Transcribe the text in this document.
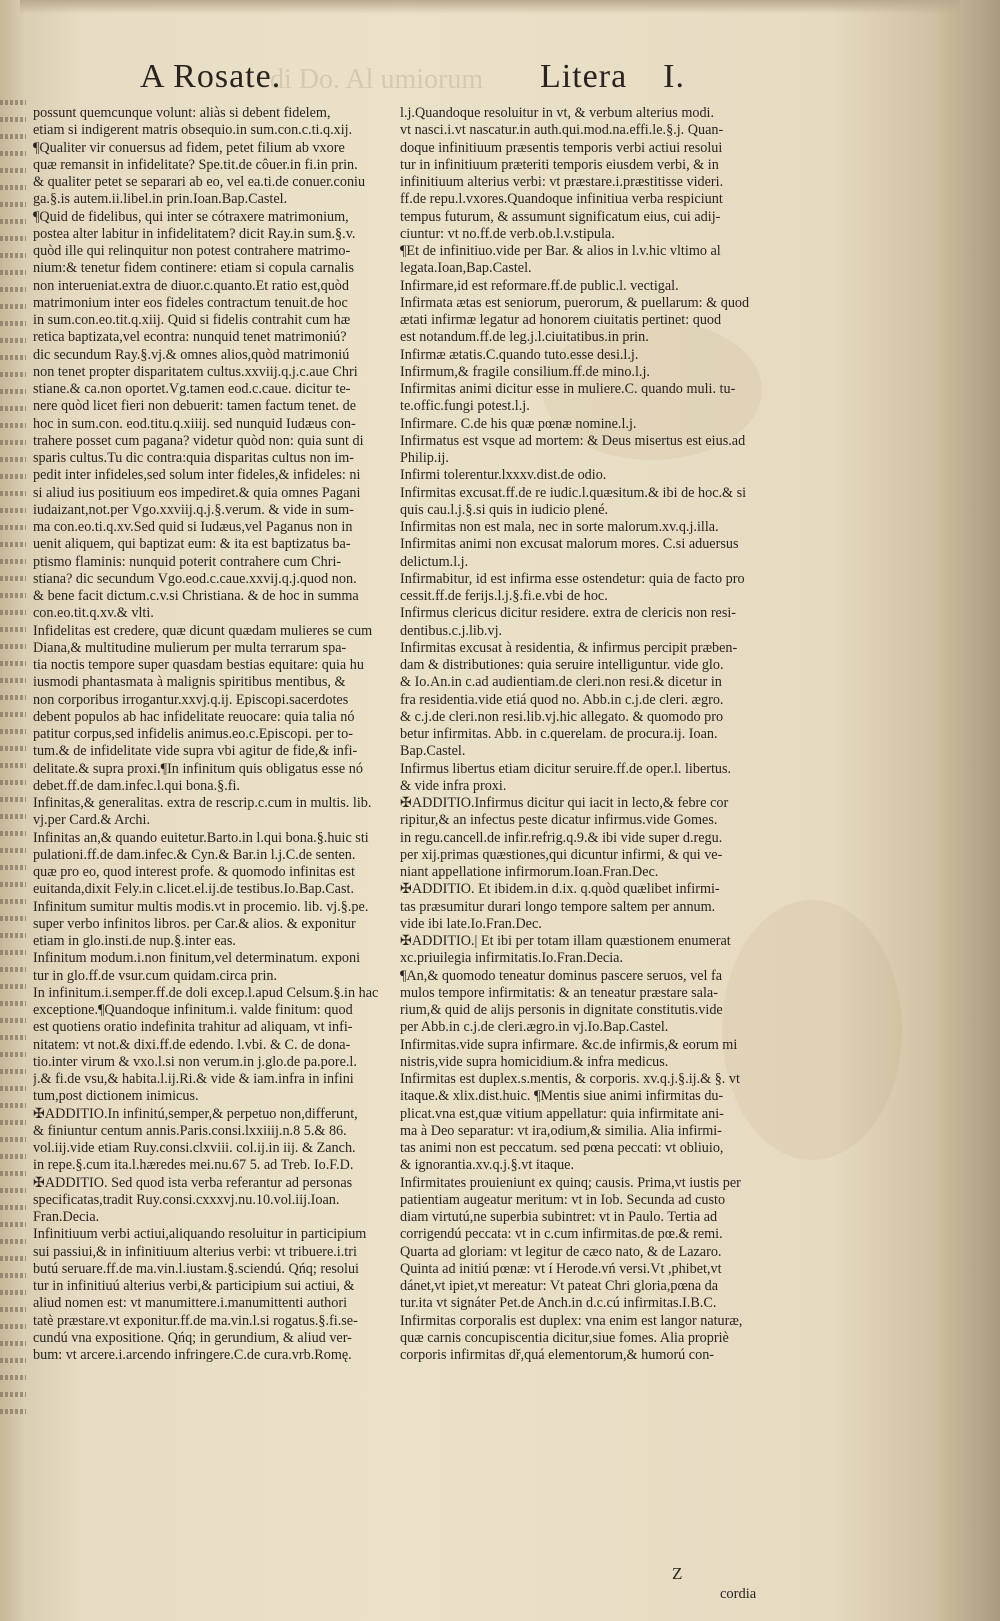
di Do. Al umiorum
A Rosate.	Litera I.
possunt quemcunque volunt: aliàs si debent fidelem,
etiam si indigerent matris obsequio.in sum.con.c.ti.q.xij.
¶Qualiter vir conuersus ad fidem, petet filium ab vxore
quæ remansit in infidelitate? Spe.tit.de côuer.in fi.in prin.
& qualiter petet se separari ab eo, vel ea.ti.de conuer.coniu
ga.§.is autem.ii.libel.in prin.Ioan.Bap.Castel.
¶Quid de fidelibus, qui inter se cótraxere matrimonium,
postea alter labitur in infidelitatem? dicit Ray.in sum.§.v.
quòd ille qui relinquitur non potest contrahere matrimo-
nium:& tenetur fidem continere: etiam si copula carnalis
non interueniat.extra de diuor.c.quanto.Et ratio est,quòd
matrimonium inter eos fideles contractum tenuit.de hoc
in sum.con.eo.tit.q.xiij. Quid si fidelis contrahit cum hæ
retica baptizata,vel econtra: nunquid tenet matrimoniú?
dic secundum Ray.§.vj.& omnes alios,quòd matrimoniú
non tenet propter disparitatem cultus.xxviij.q.j.c.aue Chri
stiane.& ca.non oportet.Vg.tamen eod.c.caue. dicitur te-
nere quòd licet fieri non debuerit: tamen factum tenet. de
hoc in sum.con. eod.titu.q.xiiij. sed nunquid Iudæus con-
trahere posset cum pagana? videtur quòd non: quia sunt di
sparis cultus.Tu dic contra:quia disparitas cultus non im-
pedit inter infideles,sed solum inter fideles,& infideles: ni
si aliud ius positiuum eos impediret.& quia omnes Pagani
iudaizant,not.per Vgo.xxviij.q.j.§.verum. & vide in sum-
ma con.eo.ti.q.xv.Sed quid si Iudæus,vel Paganus non in
uenit aliquem, qui baptizat eum: & ita est baptizatus ba-
ptismo flaminis: nunquid poterit contrahere cum Chri-
stiana? dic secundum Vgo.eod.c.caue.xxvij.q.j.quod non.
& bene facit dictum.c.v.si Christiana. & de hoc in summa
con.eo.tit.q.xv.& vlti.
Infidelitas est credere, quæ dicunt quædam mulieres se cum
Diana,& multitudine mulierum per multa terrarum spa-
tia noctis tempore super quasdam bestias equitare: quia hu
iusmodi phantasmata à malignis spiritibus mentibus, &
non corporibus irrogantur.xxvj.q.ij. Episcopi.sacerdotes
debent populos ab hac infidelitate reuocare: quia talia nó
patitur corpus,sed infidelis animus.eo.c.Episcopi. per to-
tum.& de infidelitate vide supra vbi agitur de fide,& infi-
delitate.& supra proxi.¶In infinitum quis obligatus esse nó
debet.ff.de dam.infec.l.qui bona.§.fi.
Infinitas,& generalitas. extra de rescrip.c.cum in multis. lib.
vj.per Card.& Archi.
Infinitas an,& quando euitetur.Barto.in l.qui bona.§.huic sti
pulationi.ff.de dam.infec.& Cyn.& Bar.in l.j.C.de senten.
quæ pro eo, quod interest profe. & quomodo infinitas est
euitanda,dixit Fely.in c.licet.el.ij.de testibus.Io.Bap.Cast.
Infinitum sumitur multis modis.vt in procemio. lib. vj.§.pe.
super verbo infinitos libros. per Car.& alios. & exponitur
etiam in glo.insti.de nup.§.inter eas.
Infinitum modum.i.non finitum,vel determinatum. exponi
tur in glo.ff.de vsur.cum quidam.circa prin.
In infinitum.i.semper.ff.de doli excep.l.apud Celsum.§.in hac
exceptione.¶Quandoque infinitum.i. valde finitum: quod
est quotiens oratio indefinita trahitur ad aliquam, vt infi-
nitatem: vt not.& dixi.ff.de edendo. l.vbi. & C. de dona-
tio.inter virum & vxo.l.si non verum.in j.glo.de pa.pore.l.
j.& fi.de vsu,& habita.l.ij.Ri.& vide & iam.infra in infini
tum,post dictionem inimicus.
✠ADDITIO.In infinitú,semper,& perpetuo non,differunt,
& finiuntur centum annis.Paris.consi.lxxiiij.n.8 5.& 86.
vol.iij.vide etiam Ruy.consi.clxviii. col.ij.in iij. & Zanch.
in repe.§.cum ita.l.hæredes mei.nu.67 5. ad Treb. Io.F.D.
✠ADDITIO. Sed quod ista verba referantur ad personas
specificatas,tradit Ruy.consi.cxxxvj.nu.10.vol.iij.Ioan.
Fran.Decia.
Infinitiuum verbi actiui,aliquando resoluitur in participium
sui passiui,& in infinitiuum alterius verbi: vt tribuere.i.tri
butú seruare.ff.de ma.vin.l.iustam.§.sciendú. Qńq; resolui
tur in infinitiuú alterius verbi,& participium sui actiui, &
aliud nomen est: vt manumittere.i.manumittenti authori
tatè præstare.vt exponitur.ff.de ma.vin.l.si rogatus.§.fi.se-
cundú vna expositione. Qńq; in gerundium, & aliud ver-
bum: vt arcere.i.arcendo infringere.C.de cura.vrb.Romę.
l.j.Quandoque resoluitur in vt, & verbum alterius modi.
vt nasci.i.vt nascatur.in auth.qui.mod.na.effi.le.§.j. Quan-
doque infinitiuum præsentis temporis verbi actiui resolui
tur in infinitiuum præteriti temporis eiusdem verbi, & in
infinitiuum alterius verbi: vt præstare.i.præstitisse videri.
ff.de repu.l.vxores.Quandoque infinitiua verba respiciunt
tempus futurum, & assumunt significatum eius, cui adij-
ciuntur: vt no.ff.de verb.ob.l.v.stipula.
¶Et de infinitiuo.vide per Bar. & alios in l.v.hic vltimo al
legata.Ioan,Bap.Castel.
Infirmare,id est reformare.ff.de public.l. vectigal.
Infirmata ætas est seniorum, puerorum, & puellarum: & quod
ætati infirmæ legatur ad honorem ciuitatis pertinet: quod
est notandum.ff.de leg.j.l.ciuitatibus.in prin.
Infirmæ ætatis.C.quando tuto.esse desi.l.j.
Infirmum,& fragile consilium.ff.de mino.l.j.
Infirmitas animi dicitur esse in muliere.C. quando muli. tu-
te.offic.fungi potest.l.j.
Infirmare. C.de his quæ pœnæ nomine.l.j.
Infirmatus est vsque ad mortem: & Deus misertus est eius.ad
Philip.ij.
Infirmi tolerentur.lxxxv.dist.de odio.
Infirmitas excusat.ff.de re iudic.l.quæsitum.& ibi de hoc.& si
quis cau.l.j.§.si quis in iudicio plené.
Infirmitas non est mala, nec in sorte malorum.xv.q.j.illa.
Infirmitas animi non excusat malorum mores. C.si aduersus
delictum.l.j.
Infirmabitur, id est infirma esse ostendetur: quia de facto pro
cessit.ff.de ferijs.l.j.§.fi.e.vbi de hoc.
Infirmus clericus dicitur residere. extra de clericis non resi-
dentibus.c.j.lib.vj.
Infirmitas excusat à residentia, & infirmus percipit præben-
dam & distributiones: quia seruire intelliguntur. vide glo.
& Io.An.in c.ad audientiam.de cleri.non resi.& dicetur in
fra residentia.vide etiá quod no. Abb.in c.j.de cleri. ægro.
& c.j.de cleri.non resi.lib.vj.hic allegato. & quomodo pro
betur infirmitas. Abb. in c.querelam. de procura.ij. Ioan.
Bap.Castel.
Infirmus libertus etiam dicitur seruire.ff.de oper.l. libertus.
& vide infra proxi.
✠ADDITIO.Infirmus dicitur qui iacit in lecto,& febre cor
ripitur,& an infectus peste dicatur infirmus.vide Gomes.
in regu.cancell.de infir.refrig.q.9.& ibi vide super d.regu.
per xij.primas quæstiones,qui dicuntur infirmi, & qui ve-
niant appellatione infirmorum.Ioan.Fran.Dec.
✠ADDITIO. Et ibidem.in d.ix. q.quòd quælibet infirmi-
tas præsumitur durari longo tempore saltem per annum.
vide ibi late.Io.Fran.Dec.
✠ADDITIO.| Et ibi per totam illam quæstionem enumerat
xc.priuilegia infirmitatis.Io.Fran.Decia.
¶An,& quomodo teneatur dominus pascere seruos, vel fa
mulos tempore infirmitatis: & an teneatur præstare sala-
rium,& quid de alijs personis in dignitate constitutis.vide
per Abb.in c.j.de cleri.ægro.in vj.Io.Bap.Castel.
Infirmitas.vide supra infirmare. &c.de infirmis,& eorum mi
nistris,vide supra homicidium.& infra medicus.
Infirmitas est duplex.s.mentis, & corporis. xv.q.j.§.ij.& §. vt
itaque.& xlix.dist.huic. ¶Mentis siue animi infirmitas du-
plicat.vna est,quæ vitium appellatur: quia infirmitate ani-
ma à Deo separatur: vt ira,odium,& similia. Alia infirmi-
tas animi non est peccatum. sed pœna peccati: vt obliuio,
& ignorantia.xv.q.j.§.vt itaque.
Infirmitates prouieniunt ex quinq; causis. Prima,vt iustis per
patientiam augeatur meritum: vt in Iob. Secunda ad custo
diam virtutú,ne superbia subintret: vt in Paulo. Tertia ad
corrigendú peccata: vt in c.cum infirmitas.de pœ.& remi.
Quarta ad gloriam: vt legitur de cæco nato, & de Lazaro.
Quinta ad initiú pœnæ: vt í Herode.vń versi.Vt ,phibet,vt
dánet,vt ipiet,vt mereatur: Vt pateat Chri gloria,pœna da
tur.ita vt signáter Pet.de Anch.in d.c.cú infirmitas.I.B.C.
Infirmitas corporalis est duplex: vna enim est langor naturæ,
quæ carnis concupiscentia dicitur,siue fomes. Alia propriè
corporis infirmitas dř,quá elementorum,& humorú con-
Z
cordia
